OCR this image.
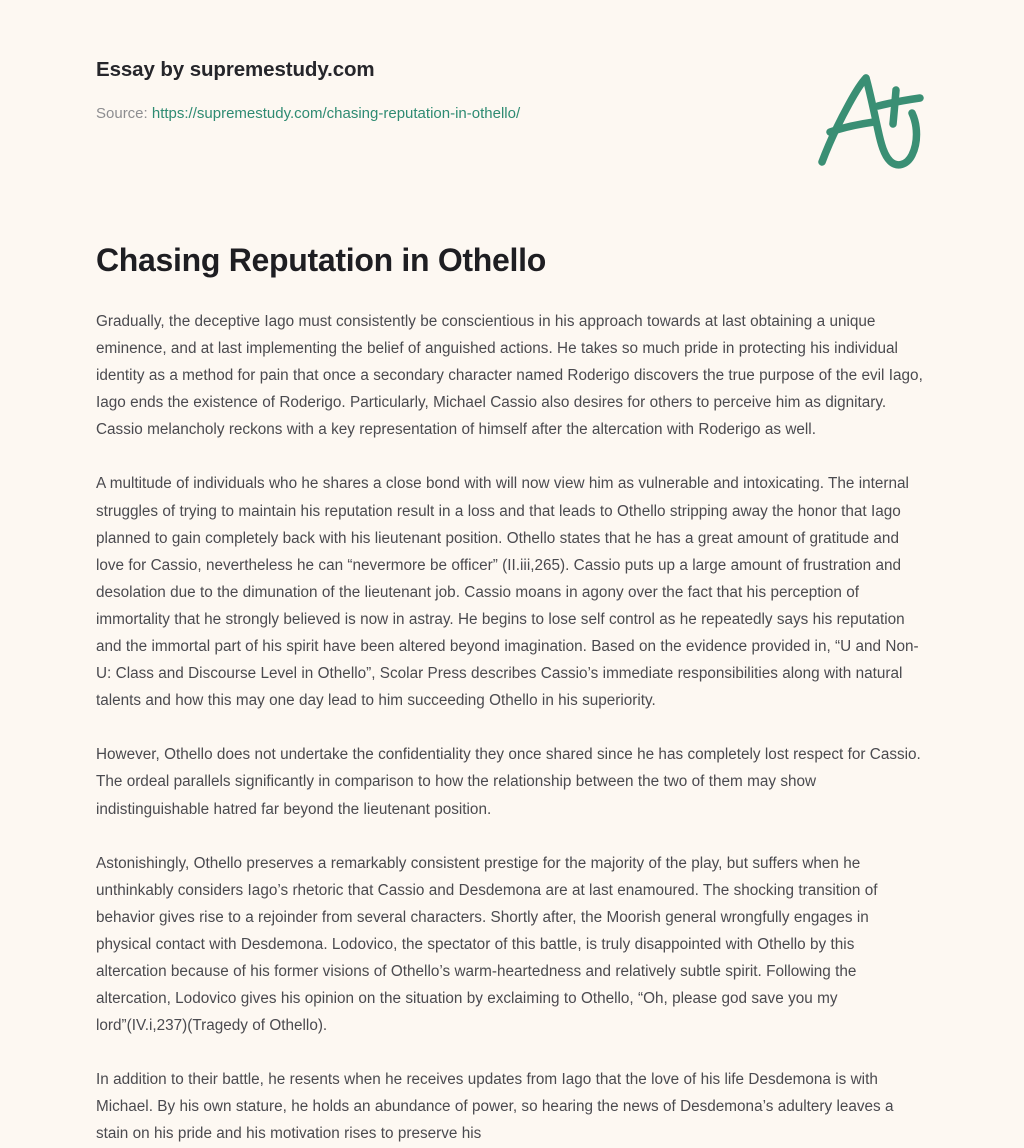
Essay by supremestudy.com
Source: https://supremestudy.com/chasing-reputation-in-othello/
Chasing Reputation in Othello

Gradually, the deceptive Iago must consistently be conscientious in his approach towards at last obtaining a unique eminence, and at last implementing the belief of anguished actions. He takes so much pride in protecting his individual identity as a method for pain that once a secondary character named Roderigo discovers the true purpose of the evil Iago, Iago ends the existence of Roderigo. Particularly, Michael Cassio also desires for others to perceive him as dignitary. Cassio melancholy reckons with a key representation of himself after the altercation with Roderigo as well.

A multitude of individuals who he shares a close bond with will now view him as vulnerable and intoxicating. The internal struggles of trying to maintain his reputation result in a loss and that leads to Othello stripping away the honor that Iago planned to gain completely back with his lieutenant position. Othello states that he has a great amount of gratitude and love for Cassio, nevertheless he can “nevermore be officer” (II.iii,265). Cassio puts up a large amount of frustration and desolation due to the dimunation of the lieutenant job. Cassio moans in agony over the fact that his perception of immortality that he strongly believed is now in astray. He begins to lose self control as he repeatedly says his reputation and the immortal part of his spirit have been altered beyond imagination. Based on the evidence provided in, “U and Non-U: Class and Discourse Level in Othello”, Scolar Press describes Cassio’s immediate responsibilities along with natural talents and how this may one day lead to him succeeding Othello in his superiority.

However, Othello does not undertake the confidentiality they once shared since he has completely lost respect for Cassio. The ordeal parallels significantly in comparison to how the relationship between the two of them may show indistinguishable hatred far beyond the lieutenant position.

Astonishingly, Othello preserves a remarkably consistent prestige for the majority of the play, but suffers when he unthinkably considers Iago’s rhetoric that Cassio and Desdemona are at last enamoured. The shocking transition of behavior gives rise to a rejoinder from several characters. Shortly after, the Moorish general wrongfully engages in physical contact with Desdemona. Lodovico, the spectator of this battle, is truly disappointed with Othello by this altercation because of his former visions of Othello’s warm-heartedness and relatively subtle spirit. Following the altercation, Lodovico gives his opinion on the situation by exclaiming to Othello, “Oh, please god save you my lord”(IV.i,237)(Tragedy of Othello).

In addition to their battle, he resents when he receives updates from Iago that the love of his life Desdemona is with Michael. By his own stature, he holds an abundance of power, so hearing the news of Desdemona’s adultery leaves a stain on his pride and his motivation rises to preserve his
